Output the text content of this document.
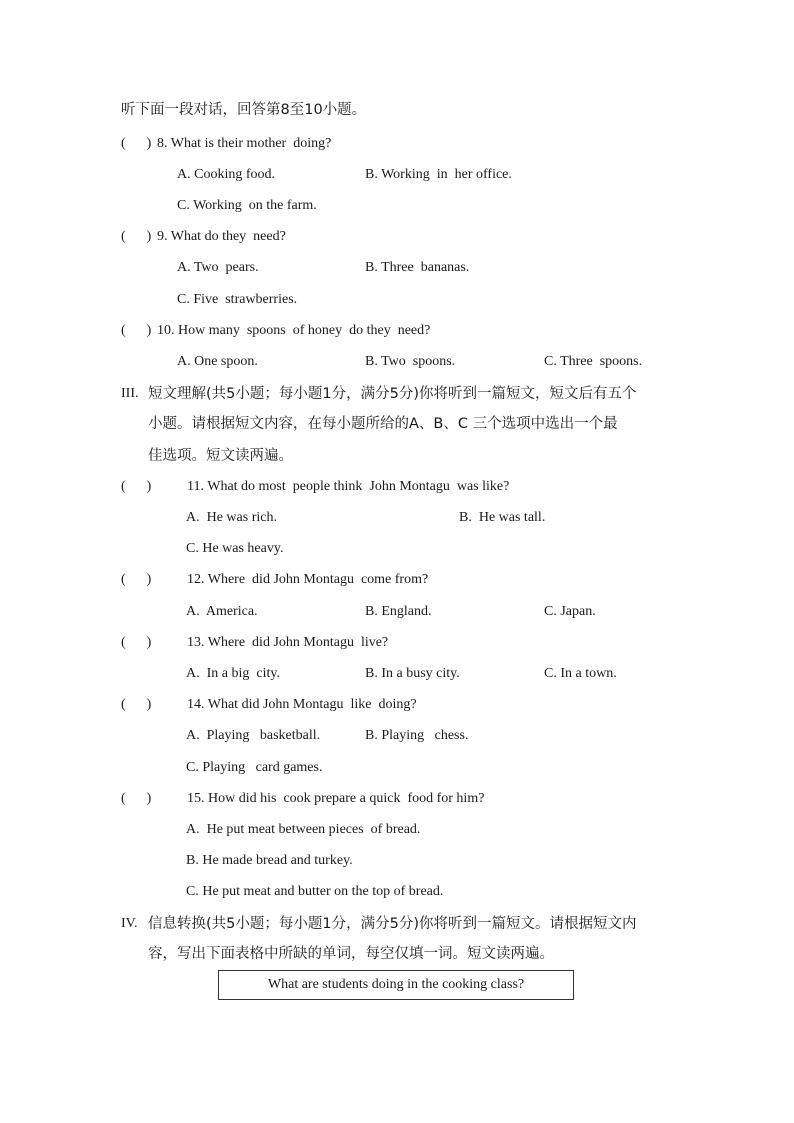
听下面一段对话，回答第8至10小题。
(      ) 8. What is their mother  doing?
A. Cooking food.	B. Working  in  her office.
C. Working  on the farm.
(      ) 9. What do they  need?
A. Two  pears.	B. Three  bananas.
C. Five  strawberries.
(      ) 10. How many  spoons  of honey  do they  need?
A. One spoon.	B. Two  spoons.	C. Three  spoons.
III. 短文理解(共5小题；每小题1分，满分5分)你将听到一篇短文，短文后有五个
小题。请根据短文内容，在每小题所给的A、B、C 三个选项中选出一个最
佳选项。短文读两遍。
(      )	11. What do most  people think  John Montagu  was like?
A.  He was rich.	B.  He was tall.
C. He was heavy.
(      )	12. Where  did John Montagu  come from?
A.  America.	B. England.	C. Japan.
(      )	13. Where  did John Montagu  live?
A.  In a big  city.	B. In a busy city.	C. In a town.
(      )	14. What did John Montagu  like  doing?
A.  Playing   basketball.	B. Playing   chess.
C. Playing   card games.
(      )	15. How did his  cook prepare a quick  food for him?
A.  He put meat between pieces  of bread.
B. He made bread and turkey.
C. He put meat and butter on the top of bread.
IV. 信息转换(共5小题；每小题1分，满分5分)你将听到一篇短文。请根据短文内
容，写出下面表格中所缺的单词，每空仅填一词。短文读两遍。
What are students doing in the cooking class?
